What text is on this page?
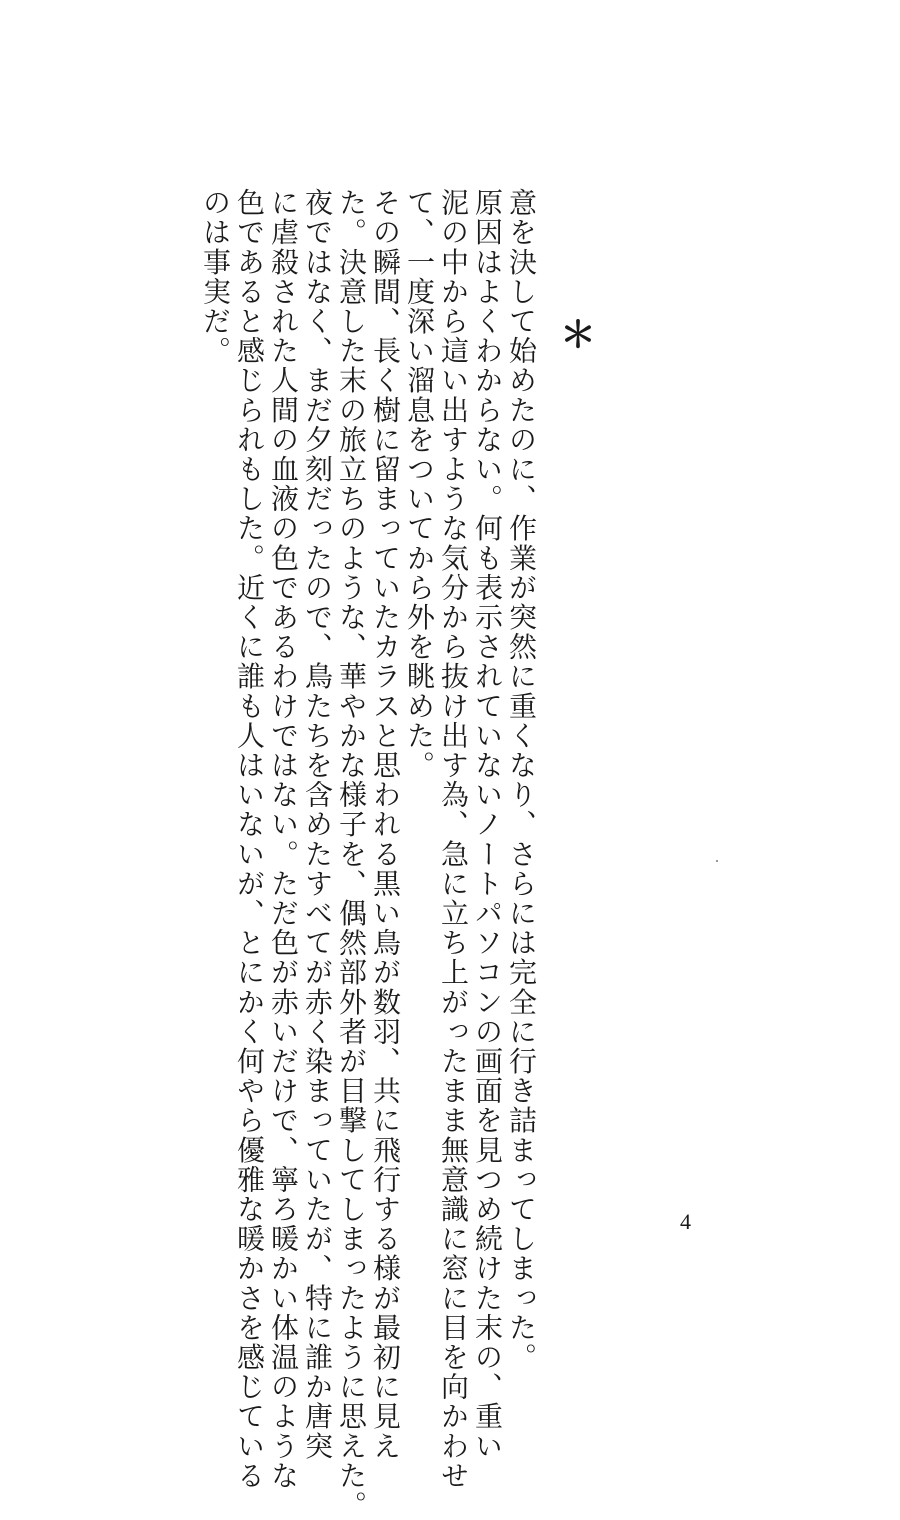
意を決して始めたのに、作業が突然に重くなり、さらには完全に行き詰まってしまった。
原因はよくわからない。何も表示されていないノートパソコンの画面を見つめ続けた末の、重い
泥の中から這い出すような気分から抜け出す為、急に立ち上がったまま無意識に窓に目を向かわせ
て、一度深い溜息をついてから外を眺めた。
その瞬間、長く樹に留まっていたカラスと思われる黒い鳥が数羽、共に飛行する様が最初に見え
た。決意した末の旅立ちのような、華やかな様子を、偶然部外者が目撃してしまったように思えた。
夜ではなく、まだ夕刻だったので、鳥たちを含めたすべてが赤く染まっていたが、特に誰か唐突
に虐殺された人間の血液の色であるわけではない。ただ色が赤いだけで、寧ろ暖かい体温のような
色であると感じられもした。近くに誰も人はいないが、とにかく何やら優雅な暖かさを感じている
のは事実だ。	＊
4
